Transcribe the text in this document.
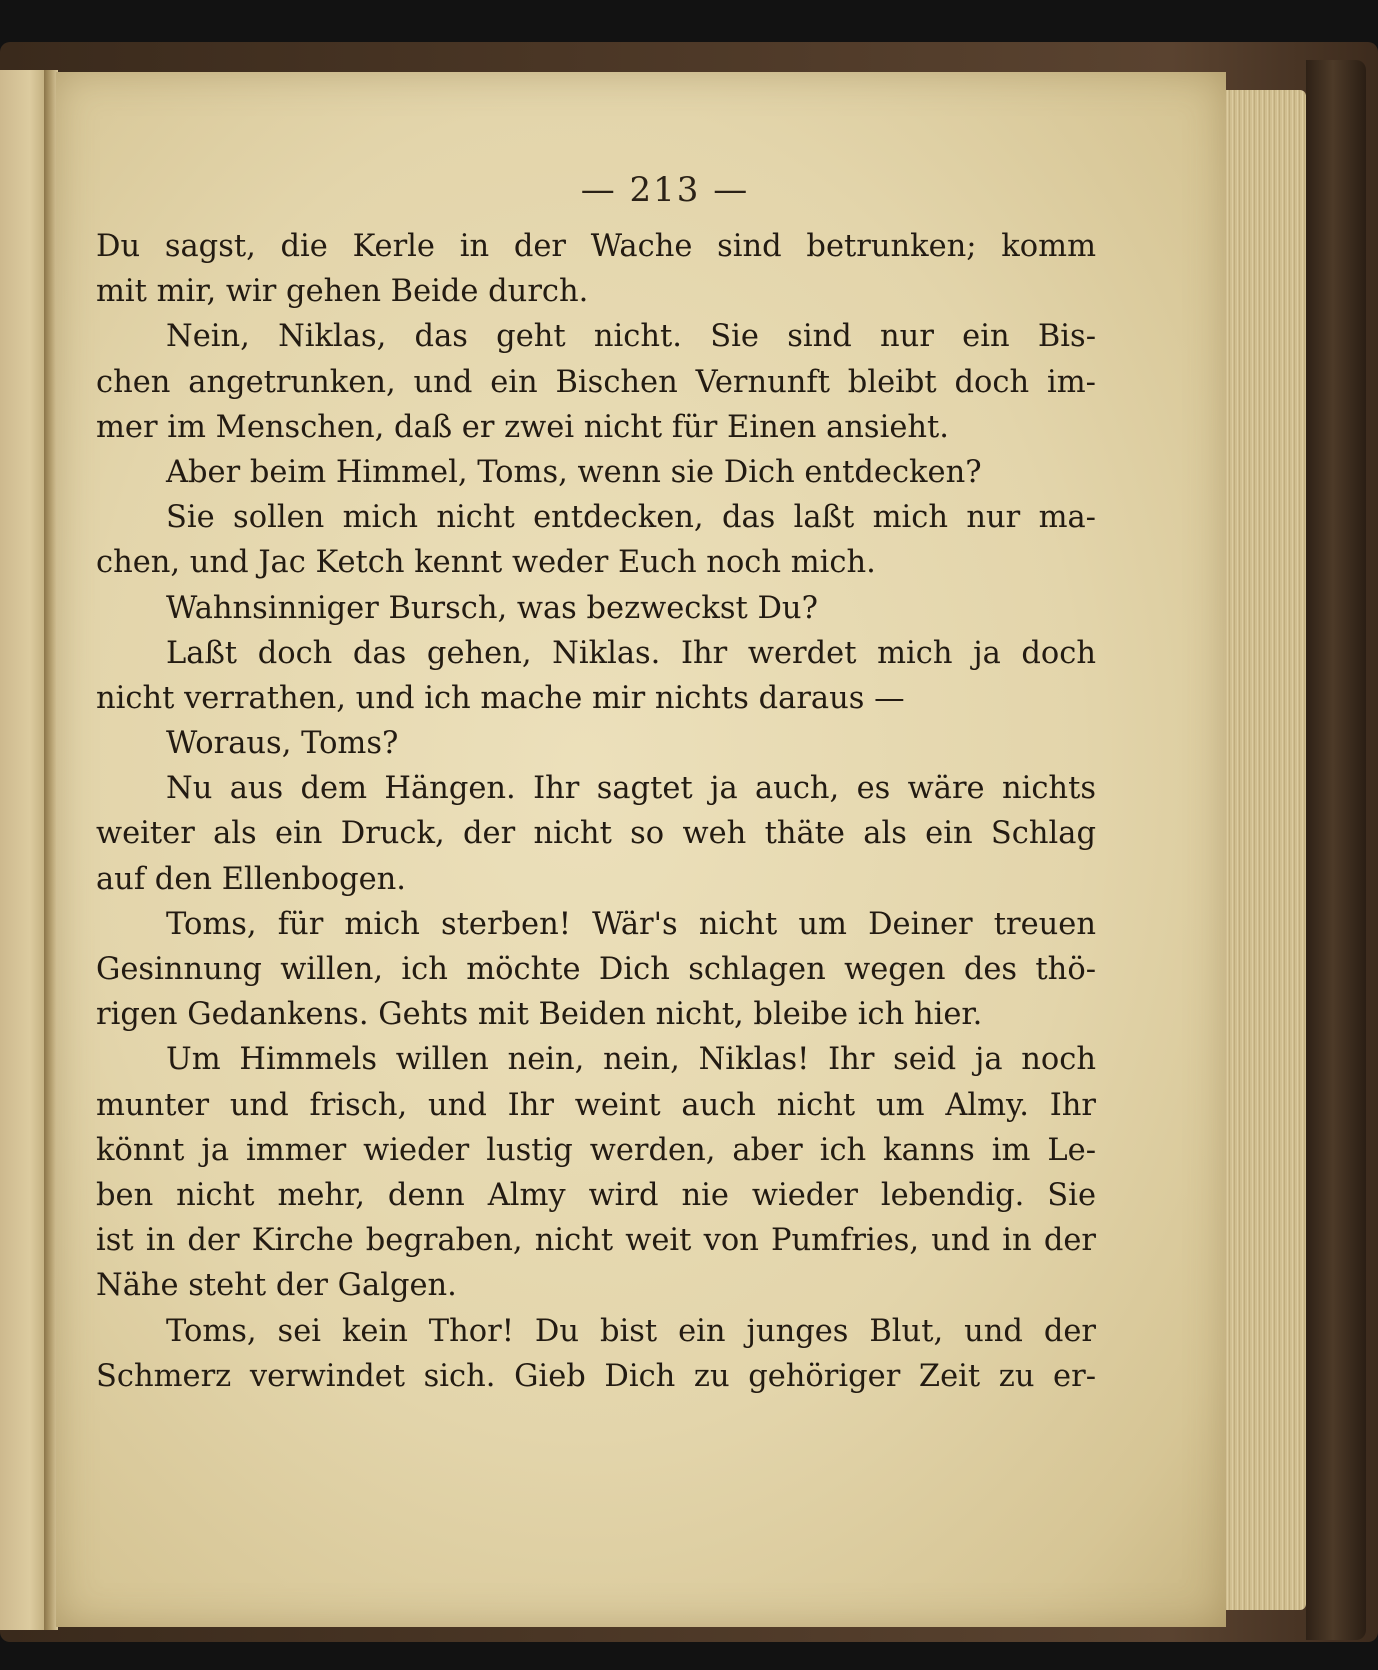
— 213 —
Du sagst, die Kerle in der Wache sind betrunken; komm
mit mir, wir gehen Beide durch.
Nein, Niklas, das geht nicht. Sie sind nur ein Bis-
chen angetrunken, und ein Bischen Vernunft bleibt doch im-
mer im Menschen, daß er zwei nicht für Einen ansieht.
Aber beim Himmel, Toms, wenn sie Dich entdecken?
Sie sollen mich nicht entdecken, das laßt mich nur ma-
chen, und Jac Ketch kennt weder Euch noch mich.
Wahnsinniger Bursch, was bezweckst Du?
Laßt doch das gehen, Niklas. Ihr werdet mich ja doch
nicht verrathen, und ich mache mir nichts daraus —
Woraus, Toms?
Nu aus dem Hängen. Ihr sagtet ja auch, es wäre nichts
weiter als ein Druck, der nicht so weh thäte als ein Schlag
auf den Ellenbogen.
Toms, für mich sterben! Wär's nicht um Deiner treuen
Gesinnung willen, ich möchte Dich schlagen wegen des thö-
rigen Gedankens. Gehts mit Beiden nicht, bleibe ich hier.
Um Himmels willen nein, nein, Niklas! Ihr seid ja noch
munter und frisch, und Ihr weint auch nicht um Almy. Ihr
könnt ja immer wieder lustig werden, aber ich kanns im Le-
ben nicht mehr, denn Almy wird nie wieder lebendig. Sie
ist in der Kirche begraben, nicht weit von Pumfries, und in der
Nähe steht der Galgen.
Toms, sei kein Thor! Du bist ein junges Blut, und der
Schmerz verwindet sich. Gieb Dich zu gehöriger Zeit zu er-
